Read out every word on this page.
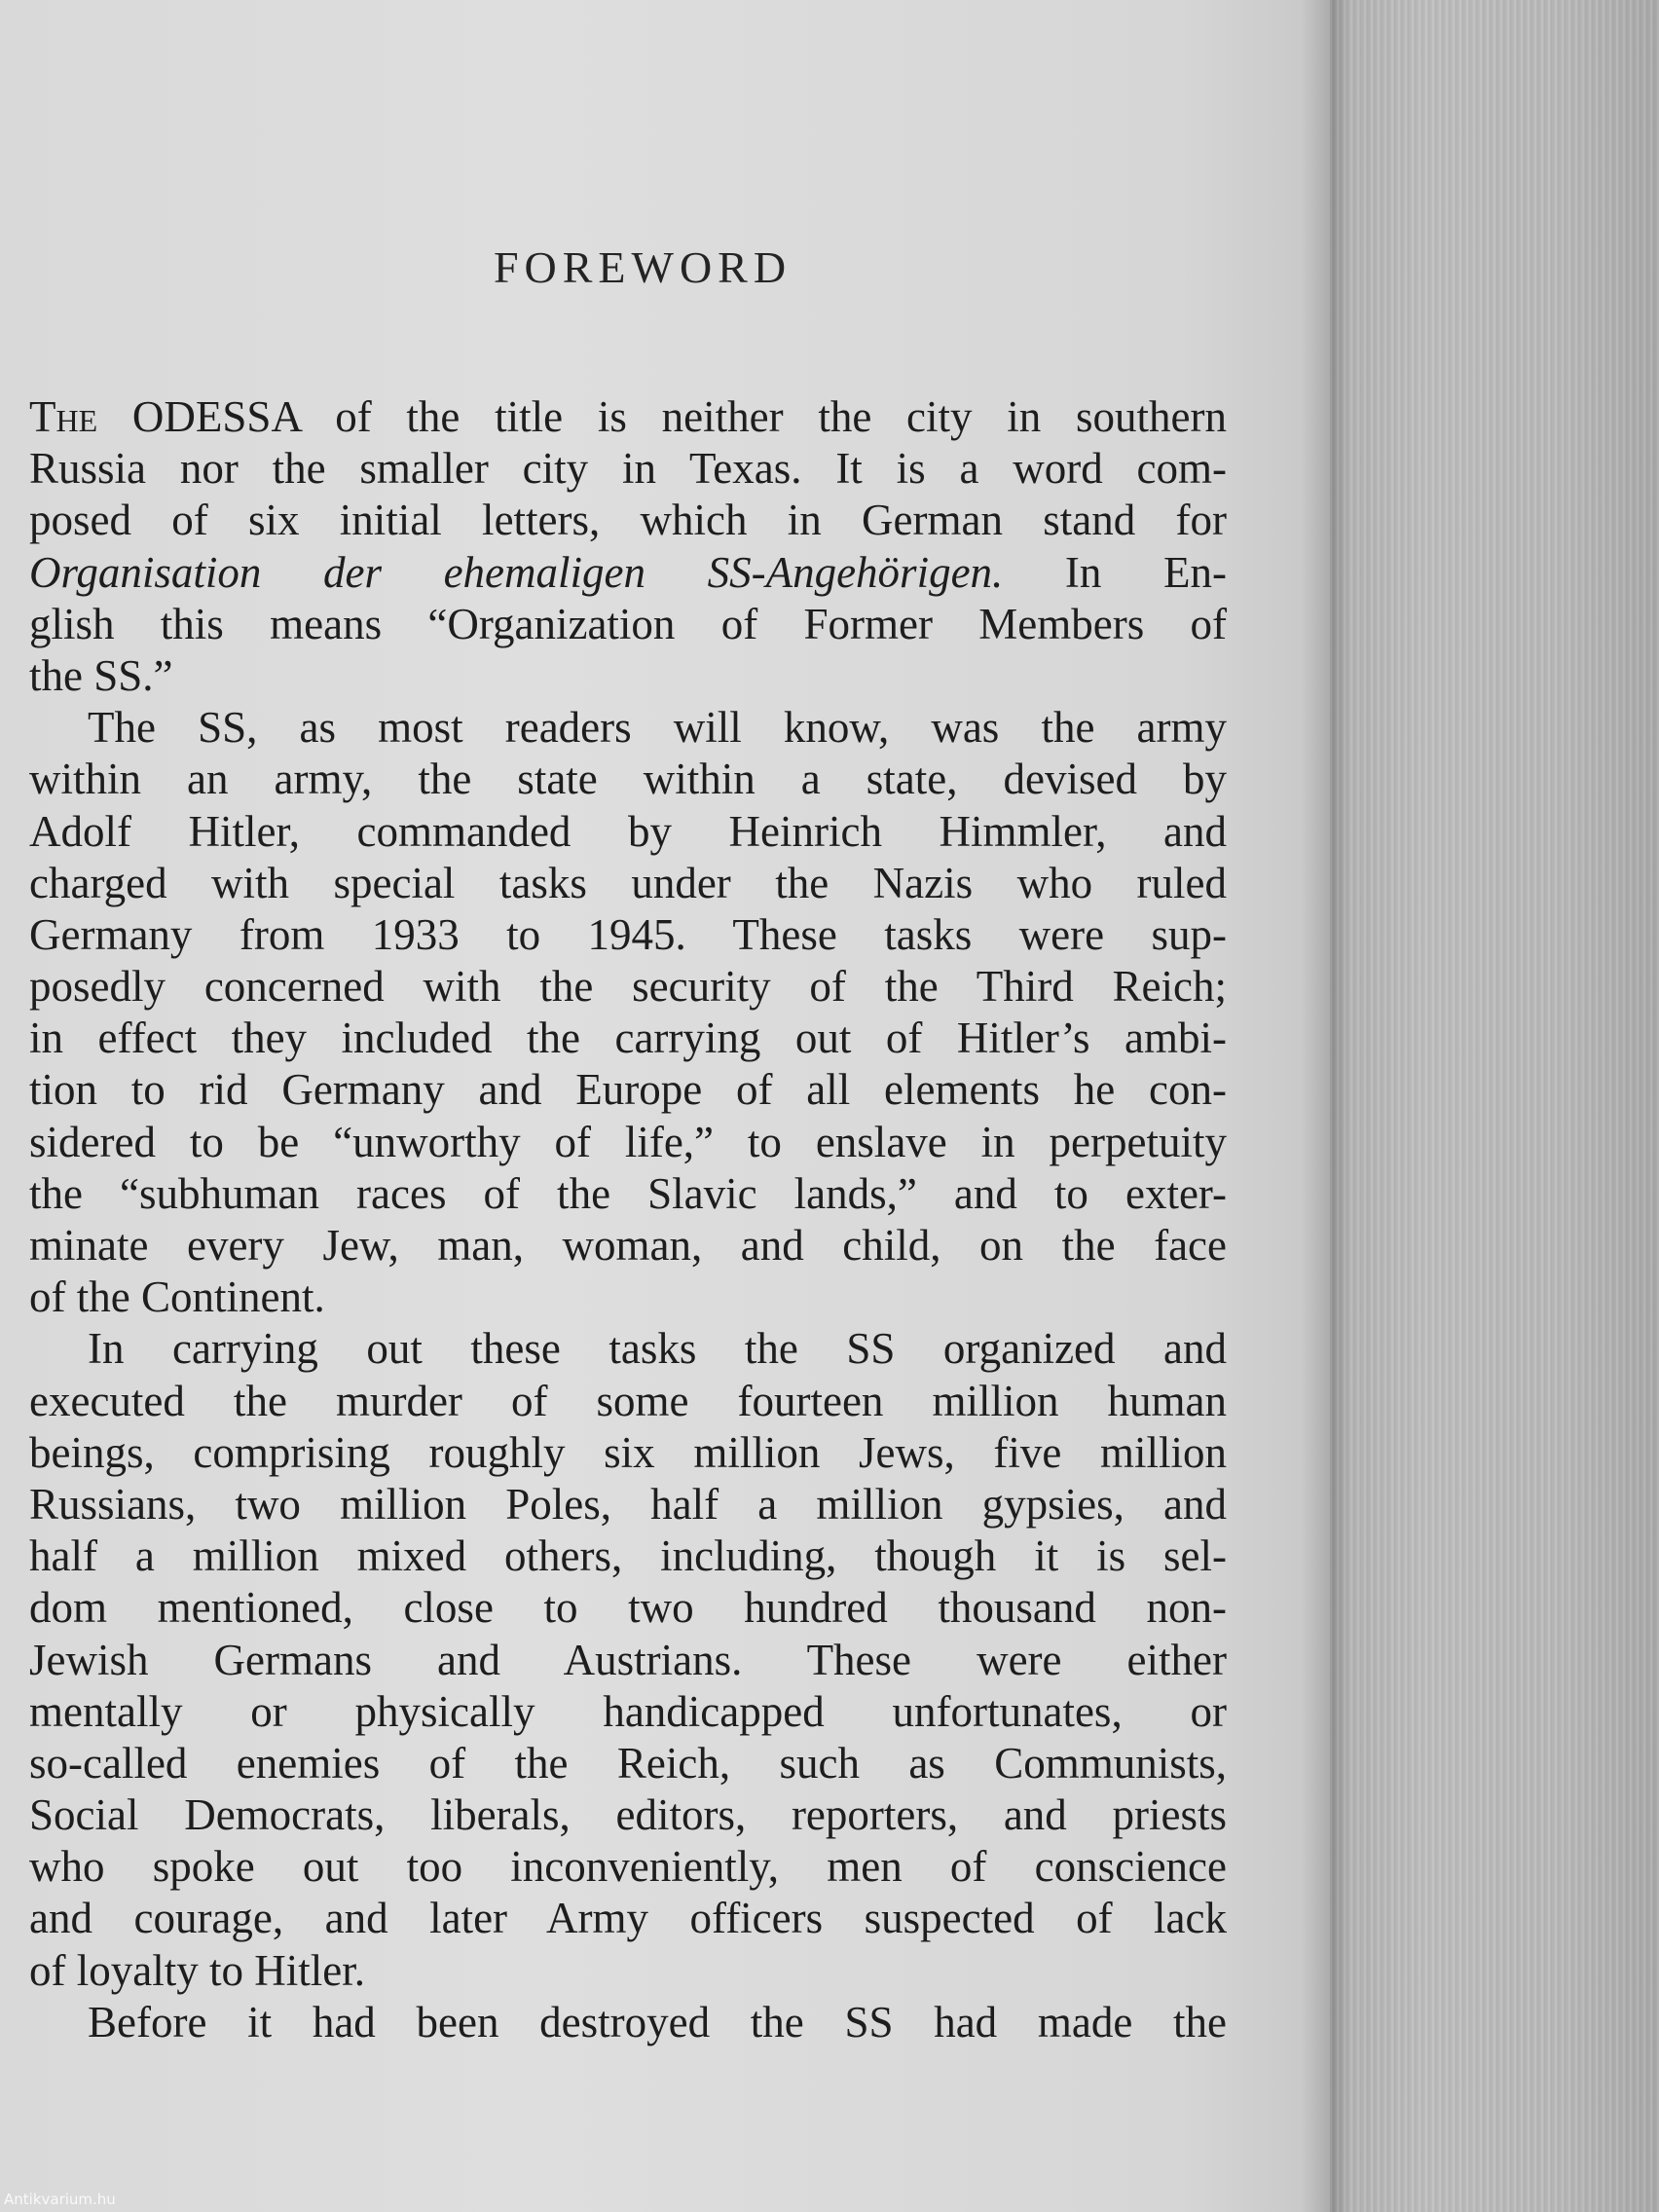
FOREWORD
The ODESSA of the title is neither the city in southern
Russia nor the smaller city in Texas. It is a word com-
posed of six initial letters, which in German stand for
Organisation der ehemaligen SS-Angehörigen. In En-
glish this means “Organization of Former Members of
the SS.”
The SS, as most readers will know, was the army
within an army, the state within a state, devised by
Adolf Hitler, commanded by Heinrich Himmler, and
charged with special tasks under the Nazis who ruled
Germany from 1933 to 1945. These tasks were sup-
posedly concerned with the security of the Third Reich;
in effect they included the carrying out of Hitler’s ambi-
tion to rid Germany and Europe of all elements he con-
sidered to be “unworthy of life,” to enslave in perpetuity
the “subhuman races of the Slavic lands,” and to exter-
minate every Jew, man, woman, and child, on the face
of the Continent.
In carrying out these tasks the SS organized and
executed the murder of some fourteen million human
beings, comprising roughly six million Jews, five million
Russians, two million Poles, half a million gypsies, and
half a million mixed others, including, though it is sel-
dom mentioned, close to two hundred thousand non-
Jewish Germans and Austrians. These were either
mentally or physically handicapped unfortunates, or
so-called enemies of the Reich, such as Communists,
Social Democrats, liberals, editors, reporters, and priests
who spoke out too inconveniently, men of conscience
and courage, and later Army officers suspected of lack
of loyalty to Hitler.
Before it had been destroyed the SS had made the
Antikvarium.hu
